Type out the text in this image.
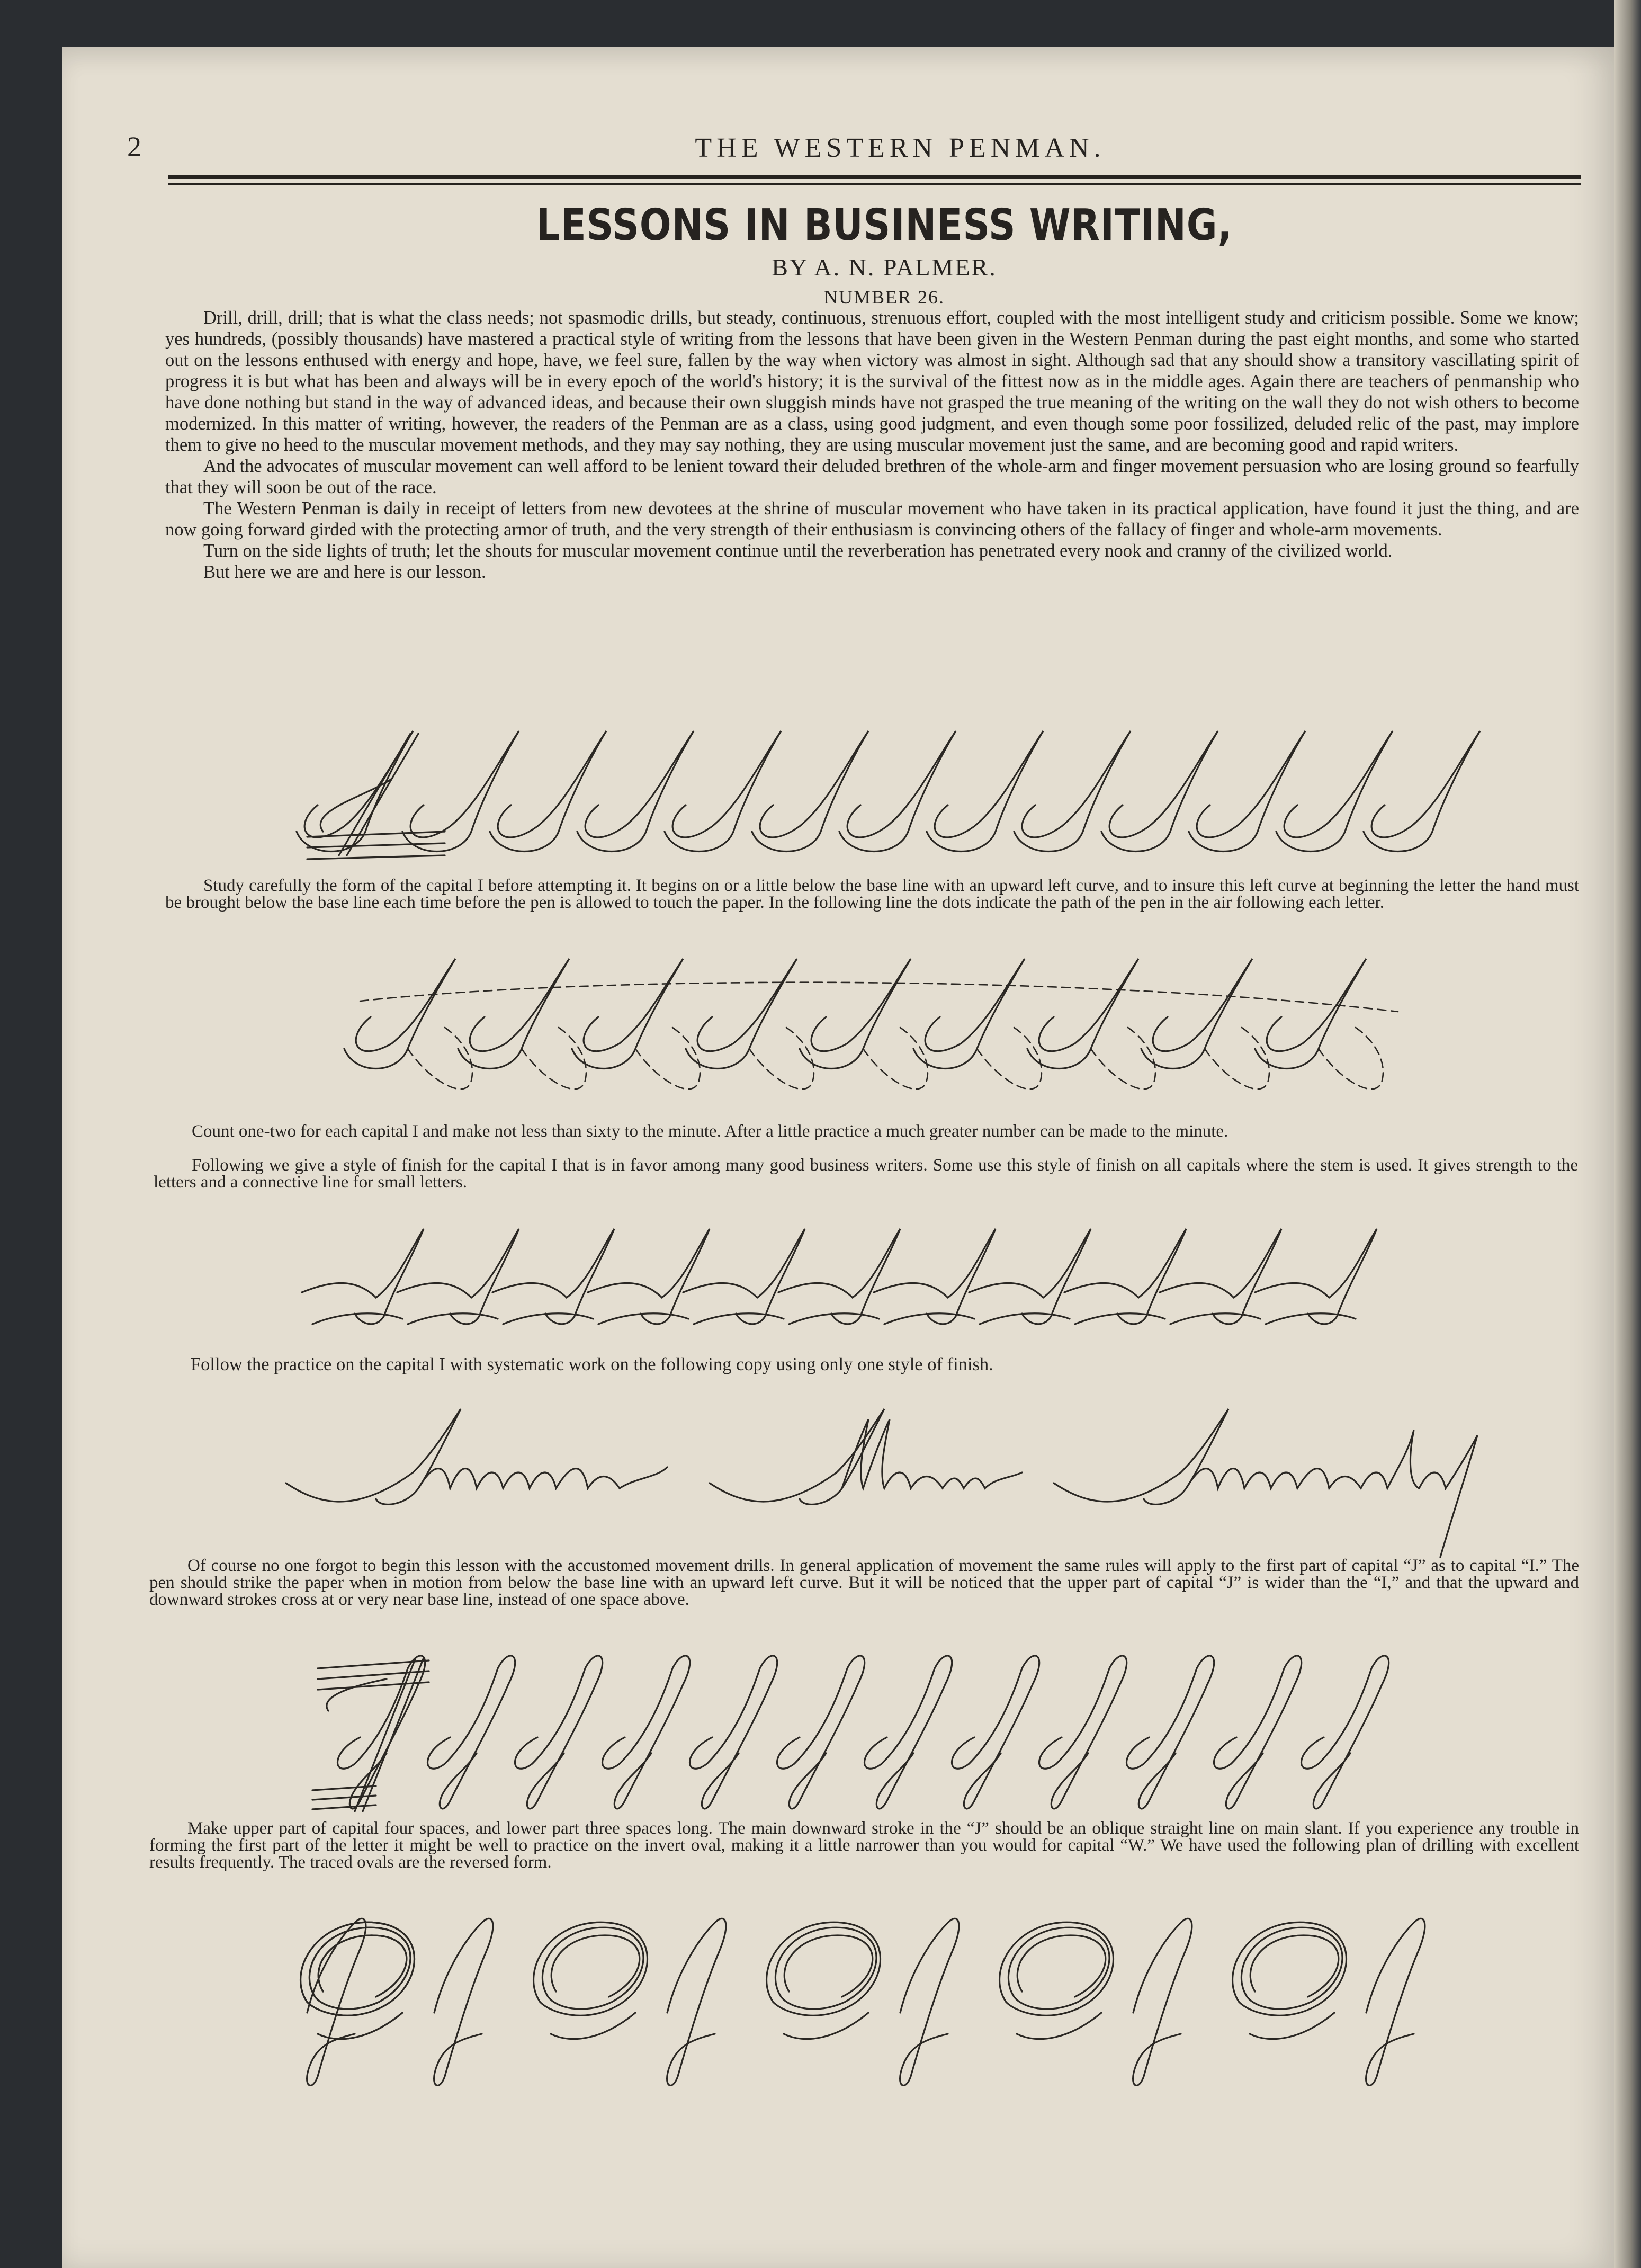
2	THE WESTERN PENMAN.
LESSONS IN BUSINESS WRITING,
BY A. N. PALMER.
NUMBER 26.

Drill, drill, drill; that is what the class needs; not spasmodic drills, but steady, continuous, strenuous effort, coupled with the most intelligent study and criticism possible. Some we know; yes hundreds, (possibly thousands) have mastered a practical style of writing from the lessons that have been given in the Western Penman during the past eight months, and some who started out on the lessons enthused with energy and hope, have, we feel sure, fallen by the way when victory was almost in sight. Although sad that any should show a transitory vascillating spirit of progress it is but what has been and always will be in every epoch of the world's history; it is the survival of the fittest now as in the middle ages. Again there are teachers of penmanship who have done nothing but stand in the way of advanced ideas, and because their own sluggish minds have not grasped the true meaning of the writing on the wall they do not wish others to become modernized. In this matter of writing, however, the readers of the Penman are as a class, using good judgment, and even though some poor fossilized, deluded relic of the past, may implore them to give no heed to the muscular movement methods, and they may say nothing, they are using muscular movement just the same, and are becoming good and rapid writers.

And the advocates of muscular movement can well afford to be lenient toward their deluded brethren of the whole-arm and finger movement persuasion who are losing ground so fearfully that they will soon be out of the race.

The Western Penman is daily in receipt of letters from new devotees at the shrine of muscular movement who have taken in its practical application, have found it just the thing, and are now going forward girded with the protecting armor of truth, and the very strength of their enthusiasm is convincing others of the fallacy of finger and whole-arm movements.

Turn on the side lights of truth; let the shouts for muscular movement continue until the reverberation has penetrated every nook and cranny of the civilized world.

But here we are and here is our lesson.

Study carefully the form of the capital I before attempting it. It begins on or a little below the base line with an upward left curve, and to insure this left curve at beginning the letter the hand must be brought below the base line each time before the pen is allowed to touch the paper. In the following line the dots indicate the path of the pen in the air following each letter.

Count one-two for each capital I and make not less than sixty to the minute. After a little practice a much greater number can be made to the minute.

Following we give a style of finish for the capital I that is in favor among many good business writers. Some use this style of finish on all capitals where the stem is used. It gives strength to the letters and a connective line for small letters.

Follow the practice on the capital I with systematic work on the following copy using only one style of finish.

Of course no one forgot to begin this lesson with the accustomed movement drills. In general application of movement the same rules will apply to the first part of capital “J” as to capital “I.” The pen should strike the paper when in motion from below the base line with an upward left curve. But it will be noticed that the upper part of capital “J” is wider than the “I,” and that the upward and downward strokes cross at or very near base line, instead of one space above.

Make upper part of capital four spaces, and lower part three spaces long. The main downward stroke in the “J” should be an oblique straight line on main slant. If you experience any trouble in forming the first part of the letter it might be well to practice on the invert oval, making it a little narrower than you would for capital “W.” We have used the following plan of drilling with excellent results frequently. The traced ovals are the reversed form.
